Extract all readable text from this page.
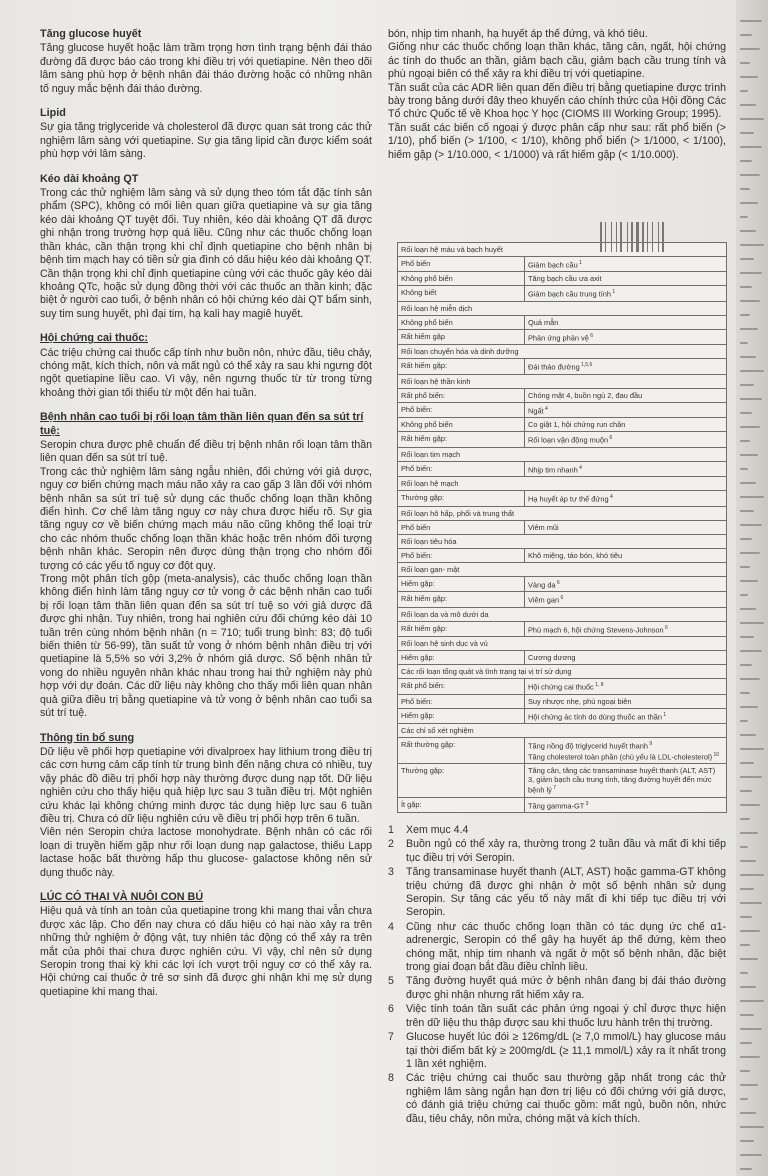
Tăng glucose huyết

Tăng glucose huyết hoặc làm trầm trọng hơn tình trạng bệnh đái tháo đường đã được báo cáo trong khi điều trị với quetiapine. Nên theo dõi lâm sàng phù hợp ở bệnh nhân đái tháo đường hoặc có những nhân tố nguy mắc bệnh đái tháo đường.

Lipid

Sự gia tăng triglyceride và cholesterol đã được quan sát trong các thử nghiệm lâm sàng với quetiapine. Sự gia tăng lipid cần được kiểm soát phù hợp với lâm sàng.

Kéo dài khoảng QT

Trong các thử nghiệm lâm sàng và sử dụng theo tóm tắt đặc tính sản phẩm (SPC), không có mối liên quan giữa quetiapine và sự gia tăng kéo dài khoảng QT tuyệt đối. Tuy nhiên, kéo dài khoảng QT đã được ghi nhận trong trường hợp quá liều. Cũng như các thuốc chống loạn thần khác, cần thận trọng khi chỉ định quetiapine cho bệnh nhân bị bệnh tim mạch hay có tiền sử gia đình có dấu hiệu kéo dài khoảng QT. Cần thận trọng khi chỉ định quetiapine cùng với các thuốc gây kéo dài khoảng QTc, hoặc sử dụng đồng thời với các thuốc an thần kinh; đặc biệt ở người cao tuổi, ở bệnh nhân có hội chứng kéo dài QT bẩm sinh, suy tim sung huyết, phì đại tim, hạ kali hay magiê huyết.

Hội chứng cai thuốc:

Các triệu chứng cai thuốc cấp tính như buồn nôn, nhức đầu, tiêu chảy, chóng mặt, kích thích, nôn và mất ngủ có thể xảy ra sau khi ngưng đột ngột quetiapine liều cao. Vì vậy, nên ngưng thuốc từ từ trong từng khoảng thời gian tối thiểu từ một đến hai tuần.

Bệnh nhân cao tuổi bị rối loạn tâm thần liên quan đến sa sút trí tuệ:

Seropin chưa được phê chuẩn để điều trị bệnh nhân rối loạn tâm thần liên quan đến sa sút trí tuệ.

Trong các thử nghiệm lâm sàng ngẫu nhiên, đối chứng với giả dược, nguy cơ biến chứng mạch máu não xảy ra cao gấp 3 lần đối với nhóm bệnh nhân sa sút trí tuệ sử dụng các thuốc chống loạn thần không điển hình. Cơ chế làm tăng nguy cơ này chưa được hiểu rõ. Sự gia tăng nguy cơ về biến chứng mạch máu não cũng không thể loại trừ cho các nhóm thuốc chống loạn thần khác hoặc trên nhóm đối tượng bệnh nhân khác. Seropin nên được dùng thận trọng cho nhóm đối tượng có các yếu tố nguy cơ đột quỵ.

Trong một phân tích gộp (meta-analysis), các thuốc chống loạn thần không điển hình làm tăng nguy cơ tử vong ở các bệnh nhân cao tuổi bị rối loạn tâm thần liên quan đến sa sút trí tuệ so với giả dược đã được ghi nhận. Tuy nhiên, trong hai nghiên cứu đối chứng kéo dài 10 tuần trên cùng nhóm bệnh nhân (n = 710; tuổi trung bình: 83; độ tuổi biến thiên từ 56-99), tần suất tử vong ở nhóm bệnh nhân điều trị với quetiapine là 5,5% so với 3,2% ở nhóm giả dược. Số bệnh nhân tử vong do nhiều nguyên nhân khác nhau trong hai thử nghiệm này phù hợp với dự đoán. Các dữ liệu này không cho thấy mối liên quan nhân quả giữa điều trị bằng quetiapine và tử vong ở bệnh nhân cao tuổi sa sút trí tuệ.

Thông tin bổ sung

Dữ liệu về phối hợp quetiapine với divalproex hay lithium trong điều trị các cơn hưng cảm cấp tính từ trung bình đến nặng chưa có nhiều, tuy vậy phác đồ điều trị phối hợp này thường được dung nạp tốt. Dữ liệu nghiên cứu cho thấy hiệu quả hiệp lực sau 3 tuần điều trị. Một nghiên cứu khác lại không chứng minh được tác dụng hiệp lực sau 6 tuần điều trị. Chưa có dữ liệu nghiên cứu về điều trị phối hợp trên 6 tuần.

Viên nén Seropin chứa lactose monohydrate. Bệnh nhân có các rối loạn di truyền hiếm gặp như rối loạn dung nạp galactose, thiếu Lapp lactase hoặc bất thường hấp thu glucose- galactose không nên sử dụng thuốc này.

LÚC CÓ THAI VÀ NUÔI CON BÚ

Hiệu quả và tính an toàn của quetiapine trong khi mang thai vẫn chưa được xác lập. Cho đến nay chưa có dấu hiệu có hại nào xảy ra trên những thử nghiệm ở động vật, tuy nhiên tác động có thể xảy ra trên mắt của phôi thai chưa được nghiên cứu. Vì vậy, chỉ nên sử dụng Seropin trong thai kỳ khi các lợi ích vượt trội nguy cơ có thể xảy ra. Hội chứng cai thuốc ở trẻ sơ sinh đã được ghi nhận khi mẹ sử dụng quetiapine khi mang thai.

bón, nhịp tim nhanh, hạ huyết áp thế đứng, và khó tiêu.

Giống như các thuốc chống loạn thần khác, tăng cân, ngất, hội chứng ác tính do thuốc an thần, giảm bạch cầu, giảm bạch cầu trung tính và phù ngoại biên có thể xảy ra khi điều trị với quetiapine.

Tần suất của các ADR liên quan đến điều trị bằng quetiapine được trình bày trong bảng dưới đây theo khuyến cáo chính thức của Hội đồng Các Tổ chức Quốc tế về Khoa học Y học (CIOMS III Working Group; 1995).

Tần suất các biến cố ngoại ý được phân cấp như sau: rất phổ biến (> 1/10), phổ biến (> 1/100, < 1/10), không phổ biến (> 1/1000, < 1/100), hiếm gặp (> 1/10.000, < 1/1000) và rất hiếm gặp (< 1/10.000).

Rối loạn hệ máu và bạch huyết	
Phổ biến	Giảm bạch cầu $^1$
Không phổ biến	Tăng bạch cầu ưa axit
Không biết	Giảm bạch cầu trung tính $^1$
Rối loạn hệ miễn dịch	
Không phổ biến	Quá mẫn
Rất hiếm gặp	Phản ứng phản vệ $^6$
Rối loạn chuyển hóa và dinh dưỡng	
Rất hiếm gặp:	Đái tháo đường $^{1,5,6}$
Rối loạn hệ thần kinh	
Rất phổ biến:	Chóng mặt 4, buồn ngủ 2, đau đầu
Phổ biến:	Ngất $^4$
Không phổ biến	Co giật 1, hội chứng run chân
Rất hiếm gặp:	Rối loạn vận động muộn $^6$
Rối loạn tim mạch	
Phổ biến:	Nhịp tim nhanh $^4$
Rối loạn hệ mạch	
Thường gặp:	Hạ huyết áp tư thế đứng $^4$
Rối loạn hô hấp, phổi và trung thất	
Phổ biến	Viêm mũi
Rối loạn tiêu hóa	
Phổ biến:	Khô miệng, táo bón, khó tiêu
Rối loạn gan- mật	
Hiếm gặp:	Vàng da $^6$
Rất hiếm gặp:	Viêm gan $^6$
Rối loạn da và mô dưới da	
Rất hiếm gặp:	Phù mạch 6, hội chứng Stevens-Johnson $^6$
Rối loạn hệ sinh dục và vú	
Hiếm gặp:	Cương dương
Các rối loạn tổng quát và tình trạng tại vị trí sử dụng	
Rất phổ biến:	Hội chứng cai thuốc $^{1, 8}$
Phổ biến:	Suy nhược nhẹ, phù ngoại biên
Hiếm gặp:	Hội chứng ác tính do dùng thuốc an thần $^1$
Các chỉ số xét nghiệm	
Rất thường gặp:	Tăng nồng độ triglycerid huyết thanh $^9$
Tăng cholesterol toàn phần (chủ yếu là LDL-cholesterol) $^{10}$
Thường gặp:	Tăng cân, tăng các transaminase huyết thanh (ALT, AST) 3, giảm bạch cầu trung tính, tăng đường huyết đến mức bệnh lý $^7$
Ít gặp:	Tăng gamma-GT $^3$
1 Xem mục 4.4
2 Buồn ngủ có thể xảy ra, thường trong 2 tuần đầu và mất đi khi tiếp tục điều trị với Seropin.
3 Tăng transaminase huyết thanh (ALT, AST) hoặc gamma-GT không triệu chứng đã được ghi nhận ở một số bệnh nhân sử dụng Seropin. Sự tăng các yếu tố này mất đi khi tiếp tục điều trị với Seropin.
4 Cũng như các thuốc chống loạn thần có tác dụng ức chế α1-adrenergic, Seropin có thể gây hạ huyết áp thế đứng, kèm theo chóng mặt, nhịp tim nhanh và ngất ở một số bệnh nhân, đặc biệt trong giai đoạn bắt đầu điều chỉnh liều.
5 Tăng đường huyết quá mức ở bệnh nhân đang bị đái tháo đường được ghi nhận nhưng rất hiếm xảy ra.
6 Việc tính toán tần suất các phản ứng ngoại ý chỉ được thực hiện trên dữ liệu thu thập được sau khi thuốc lưu hành trên thị trường.
7 Glucose huyết lúc đói ≥ 126mg/dL (≥ 7,0 mmol/L) hay glucose máu tại thời điểm bất kỳ ≥ 200mg/dL (≥ 11,1 mmol/L) xảy ra ít nhất trong 1 lần xét nghiệm.
8 Các triệu chứng cai thuốc sau thường gặp nhất trong các thử nghiệm lâm sàng ngắn hạn đơn trị liệu có đối chứng với giả dược, có đánh giá triệu chứng cai thuốc gồm: mất ngủ, buồn nôn, nhức đầu, tiêu chảy, nôn mửa, chóng mặt và kích thích.
